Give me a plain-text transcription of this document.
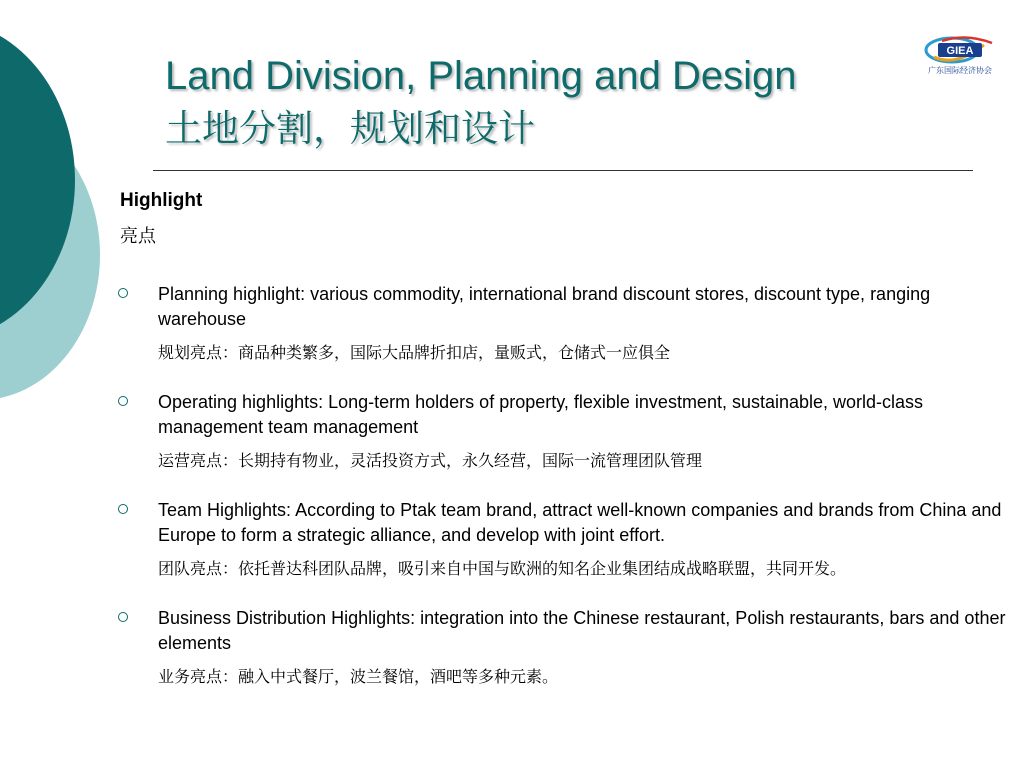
Land Division, Planning and Design
土地分割，规划和设计
GIEA
广东国际经济协会
Highlight
亮点

Planning highlight: various commodity, international brand discount stores, discount type, ranging warehouse

规划亮点：商品种类繁多，国际大品牌折扣店，量贩式，仓储式一应俱全

Operating highlights: Long-term holders of property, flexible investment, sustainable, world-class management team management

运营亮点：长期持有物业，灵活投资方式，永久经营，国际一流管理团队管理

Team Highlights: According to Ptak team brand, attract well-known companies and brands from China and Europe to form a strategic alliance, and develop with joint effort.

团队亮点：依托普达科团队品牌，吸引来自中国与欧洲的知名企业集团结成战略联盟，共同开发。

Business Distribution Highlights: integration into the Chinese restaurant, Polish restaurants, bars and other elements

业务亮点：融入中式餐厅，波兰餐馆，酒吧等多种元素。
